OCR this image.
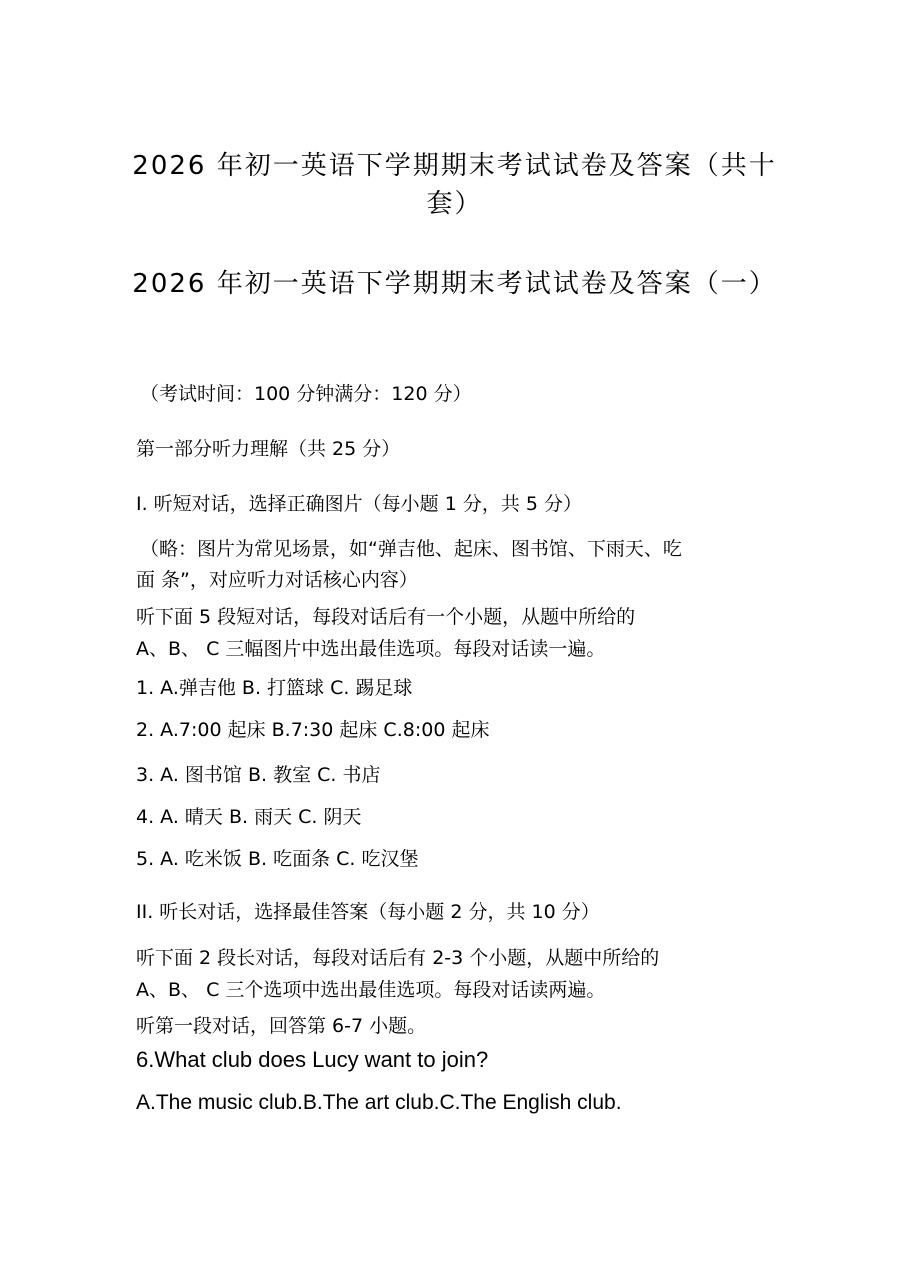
2026 年初一英语下学期期末考试试卷及答案（共十
套）
2026 年初一英语下学期期末考试试卷及答案（一）

（考试时间：100 分钟满分：120 分）

第一部分听力理解（共 25 分）

I. 听短对话，选择正确图片（每小题 1 分，共 5 分）

（略：图片为常见场景，如“弹吉他、起床、图书馆、下雨天、吃

面 条”，对应听力对话核心内容）

听下面 5 段短对话，每段对话后有一个小题，从题中所给的

A、B、 C 三幅图片中选出最佳选项。每段对话读一遍。

1. A.弹吉他 B. 打篮球 C. 踢足球

2. A.7:00 起床 B.7:30 起床 C.8:00 起床

3. A. 图书馆 B. 教室 C. 书店

4. A. 晴天 B. 雨天 C. 阴天

5. A. 吃米饭 B. 吃面条 C. 吃汉堡

II. 听长对话，选择最佳答案（每小题 2 分，共 10 分）

听下面 2 段长对话，每段对话后有 2-3 个小题，从题中所给的

A、B、 C 三个选项中选出最佳选项。每段对话读两遍。

听第一段对话，回答第 6-7 小题。

6.What club does Lucy want to join?

A.The music club.B.The art club.C.The English club.
